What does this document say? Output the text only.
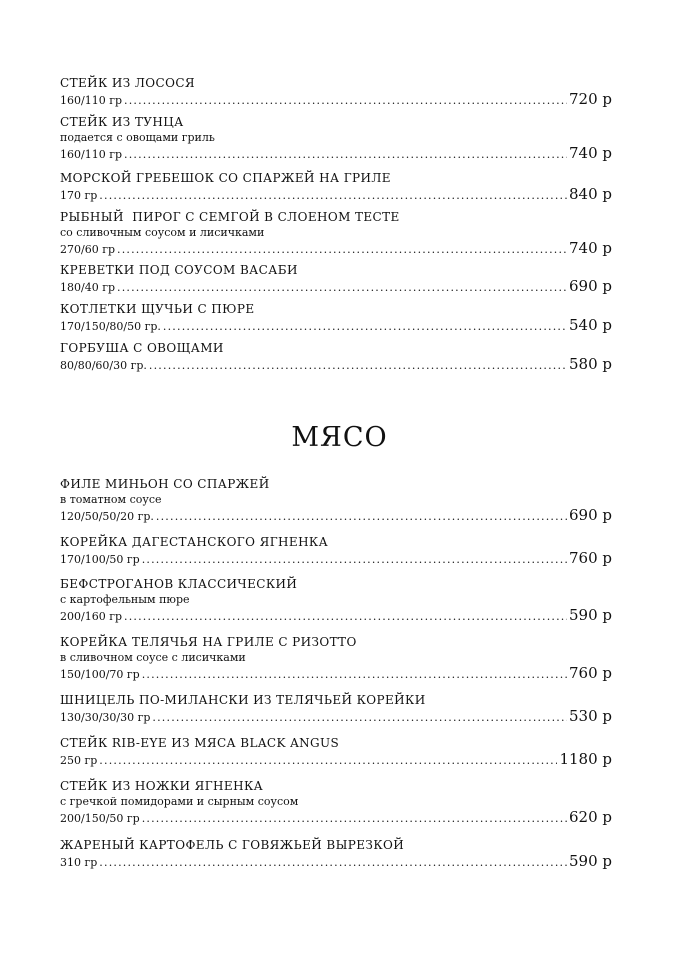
СТЕЙК ИЗ ЛОСОСЯ
160/110 гр .....	720 р
СТЕЙК ИЗ ТУНЦА
подается с овощами гриль
160/110 гр .....	740 р
МОРСКОЙ ГРЕБЕШОК СО СПАРЖЕЙ НА ГРИЛЕ
170 гр .....	840 р
РЫБНЫЙ  ПИРОГ С СЕМГОЙ В СЛОЕНОМ ТЕСТЕ
со сливочным соусом и лисичками
270/60 гр .....	740 р
КРЕВЕТКИ ПОД СОУСОМ ВАСАБИ
180/40 гр .....	690 р
КОТЛЕТКИ ЩУЧЬИ С ПЮРЕ
170/150/80/50 гр. .....	540 р
ГОРБУША С ОВОЩАМИ
80/80/60/30 гр. .....	580 р
МЯСО
ФИЛЕ МИНЬОН СО СПАРЖЕЙ
в томатном соусе
120/50/50/20 гр. .....	690 р
КОРЕЙКА ДАГЕСТАНСКОГО ЯГНЕНКА
170/100/50 гр .....	760 р
БЕФСТРОГАНОВ КЛАССИЧЕСКИЙ
с картофельным пюре
200/160 гр .....	590 р
КОРЕЙКА ТЕЛЯЧЬЯ НА ГРИЛЕ С РИЗОТТО
в сливочном соусе с лисичками
150/100/70 гр .....	760 р
ШНИЦЕЛЬ ПО-МИЛАНСКИ ИЗ ТЕЛЯЧЬЕЙ КОРЕЙКИ
130/30/30/30 гр .....	530 р
СТЕЙК RIB-EYE ИЗ МЯСА BLACK ANGUS
250 гр .....	1180 р
СТЕЙК ИЗ НОЖКИ ЯГНЕНКА
с гречкой помидорами и сырным соусом
200/150/50 гр .....	620 р
ЖАРЕНЫЙ КАРТОФЕЛЬ С ГОВЯЖЬЕЙ ВЫРЕЗКОЙ
310 гр .....	590 р
